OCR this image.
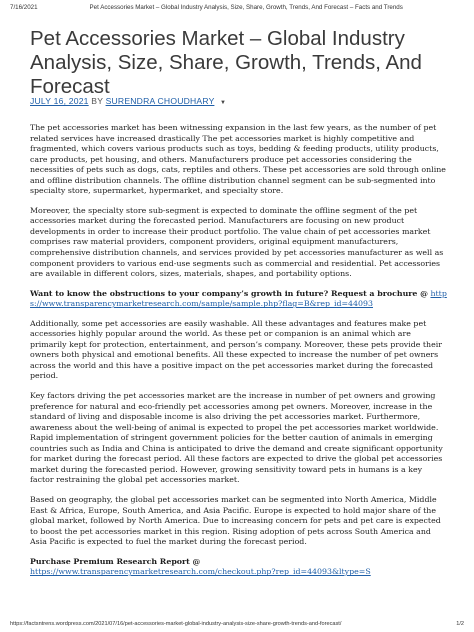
7/16/2021	Pet Accessories Market – Global Industry Analysis, Size, Share, Growth, Trends, And Forecast – Facts and Trends
Pet Accessories Market – Global Industry Analysis, Size, Share, Growth, Trends, And Forecast
JULY 16, 2021 BY SURENDRA CHOUDHARY ▼

The pet accessories market has been witnessing expansion in the last few years, as the number of pet related services have increased drastically The pet accessories market is highly competitive and fragmented, which covers various products such as toys, bedding & feeding products, utility products, care products, pet housing, and others. Manufacturers produce pet accessories considering the necessities of pets such as dogs, cats, reptiles and others. These pet accessories are sold through online and offline distribution channels. The offline distribution channel segment can be sub-segmented into specialty store, supermarket, hypermarket, and specialty store.

Moreover, the specialty store sub-segment is expected to dominate the offline segment of the pet accessories market during the forecasted period. Manufacturers are focusing on new product developments in order to increase their product portfolio. The value chain of pet accessories market comprises raw material providers, component providers, original equipment manufacturers, comprehensive distribution channels, and services provided by pet accessories manufacturer as well as component providers to various end-use segments such as commercial and residential. Pet accessories are available in different colors, sizes, materials, shapes, and portability options.

Want to know the obstructions to your company’s growth in future? Request a brochure @ https://www.transparencymarketresearch.com/sample/sample.php?flag=B&rep_id=44093

Additionally, some pet accessories are easily washable. All these advantages and features make pet accessories highly popular around the world. As these pet or companion is an animal which are primarily kept for protection, entertainment, and person’s company. Moreover, these pets provide their owners both physical and emotional benefits. All these expected to increase the number of pet owners across the world and this have a positive impact on the pet accessories market during the forecasted period.

Key factors driving the pet accessories market are the increase in number of pet owners and growing preference for natural and eco-friendly pet accessories among pet owners. Moreover, increase in the standard of living and disposable income is also driving the pet accessories market. Furthermore, awareness about the well-being of animal is expected to propel the pet accessories market worldwide. Rapid implementation of stringent government policies for the better caution of animals in emerging countries such as India and China is anticipated to drive the demand and create significant opportunity for market during the forecast period. All these factors are expected to drive the global pet accessories market during the forecasted period. However, growing sensitivity toward pets in humans is a key factor restraining the global pet accessories market.

Based on geography, the global pet accessories market can be segmented into North America, Middle East & Africa, Europe, South America, and Asia Pacific. Europe is expected to hold major share of the global market, followed by North America. Due to increasing concern for pets and pet care is expected to boost the pet accessories market in this region. Rising adoption of pets across South America and Asia Pacific is expected to fuel the market during the forecast period.

Purchase Premium Research Report @
https://www.transparencymarketresearch.com/checkout.php?rep_id=44093&ltype=S

https://factsntrens.wordpress.com/2021/07/16/pet-accessories-market-global-industry-analysis-size-share-growth-trends-and-forecast/	1/2
